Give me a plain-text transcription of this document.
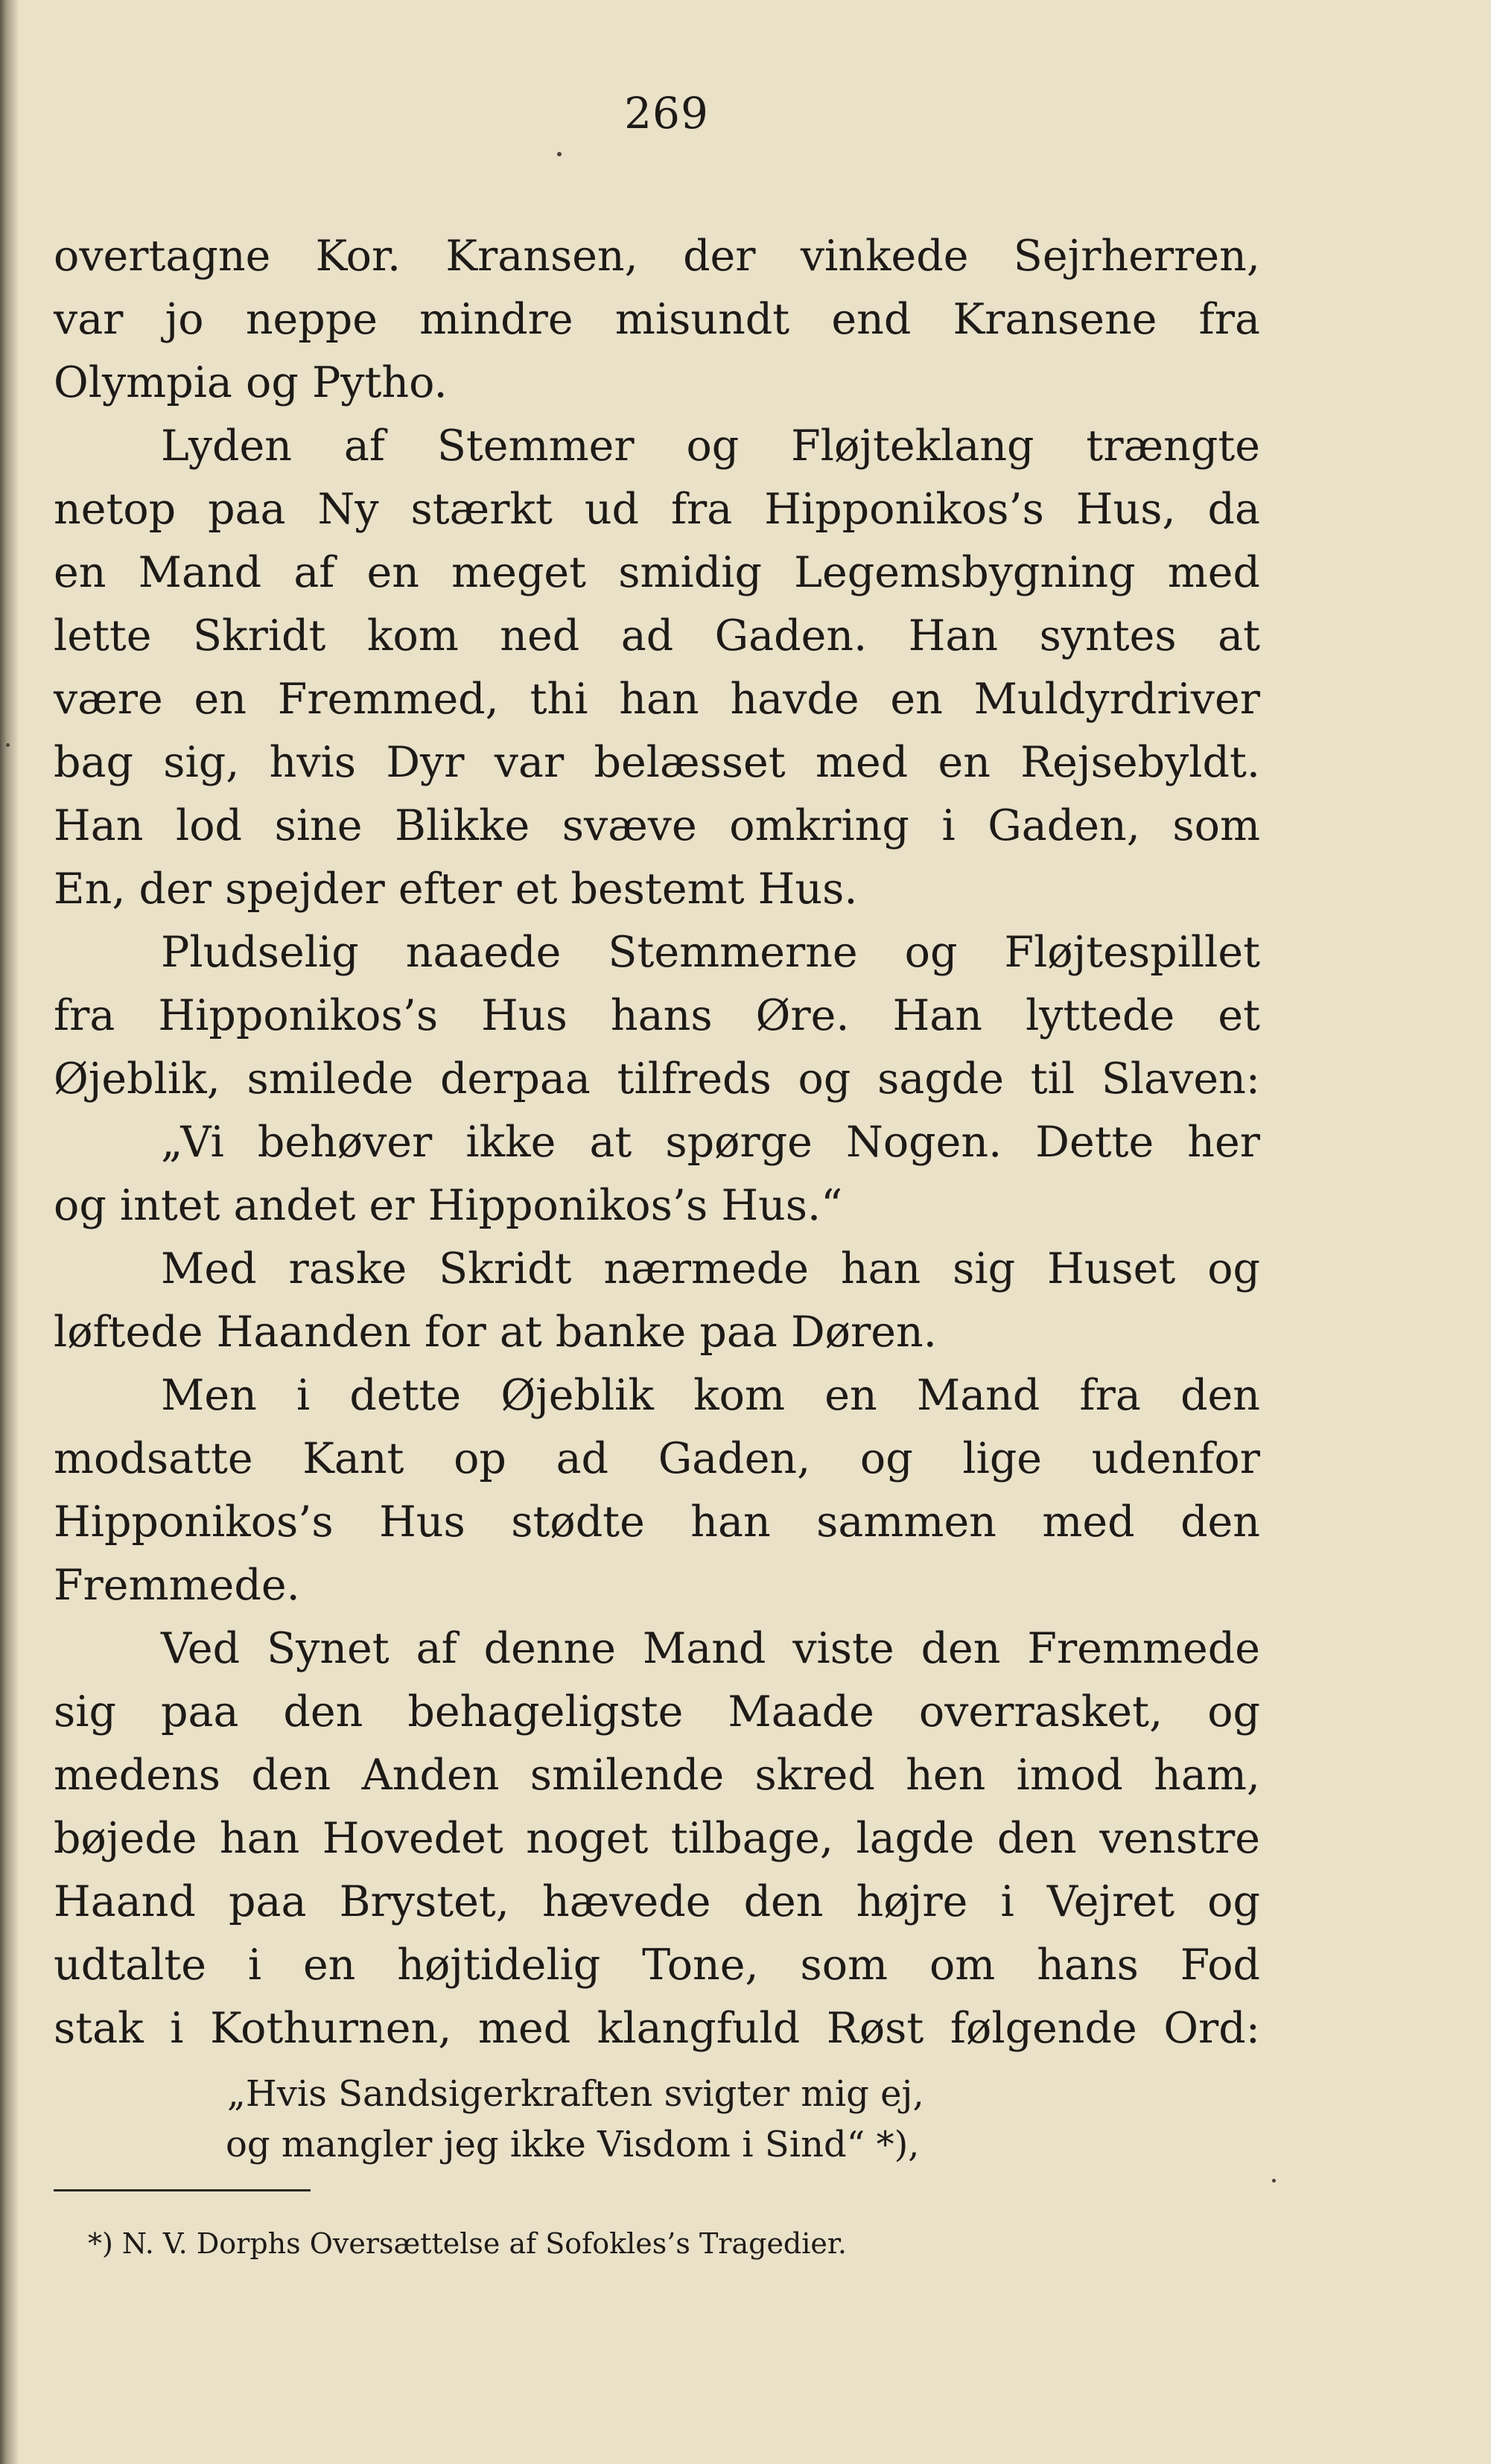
269
overtagne Kor. Kransen, der vinkede Sejrherren,
var jo neppe mindre misundt end Kransene fra
Olympia og Pytho.
Lyden af Stemmer og Fløjteklang trængte
netop paa Ny stærkt ud fra Hipponikos’s Hus, da
en Mand af en meget smidig Legemsbygning med
lette Skridt kom ned ad Gaden. Han syntes at
være en Fremmed, thi han havde en Muldyrdriver
bag sig, hvis Dyr var belæsset med en Rejsebyldt.
Han lod sine Blikke svæve omkring i Gaden, som
En, der spejder efter et bestemt Hus.
Pludselig naaede Stemmerne og Fløjtespillet
fra Hipponikos’s Hus hans Øre. Han lyttede et
Øjeblik, smilede derpaa tilfreds og sagde til Slaven:
„Vi behøver ikke at spørge Nogen. Dette her
og intet andet er Hipponikos’s Hus.“
Med raske Skridt nærmede han sig Huset og
løftede Haanden for at banke paa Døren.
Men i dette Øjeblik kom en Mand fra den
modsatte Kant op ad Gaden, og lige udenfor
Hipponikos’s Hus stødte han sammen med den
Fremmede.
Ved Synet af denne Mand viste den Fremmede
sig paa den behageligste Maade overrasket, og
medens den Anden smilende skred hen imod ham,
bøjede han Hovedet noget tilbage, lagde den venstre
Haand paa Brystet, hævede den højre i Vejret og
udtalte i en højtidelig Tone, som om hans Fod
stak i Kothurnen, med klangfuld Røst følgende Ord:
„Hvis Sandsigerkraften svigter mig ej,
og mangler jeg ikke Visdom i Sind“ *),
*) N. V. Dorphs Oversættelse af Sofokles’s Tragedier.
